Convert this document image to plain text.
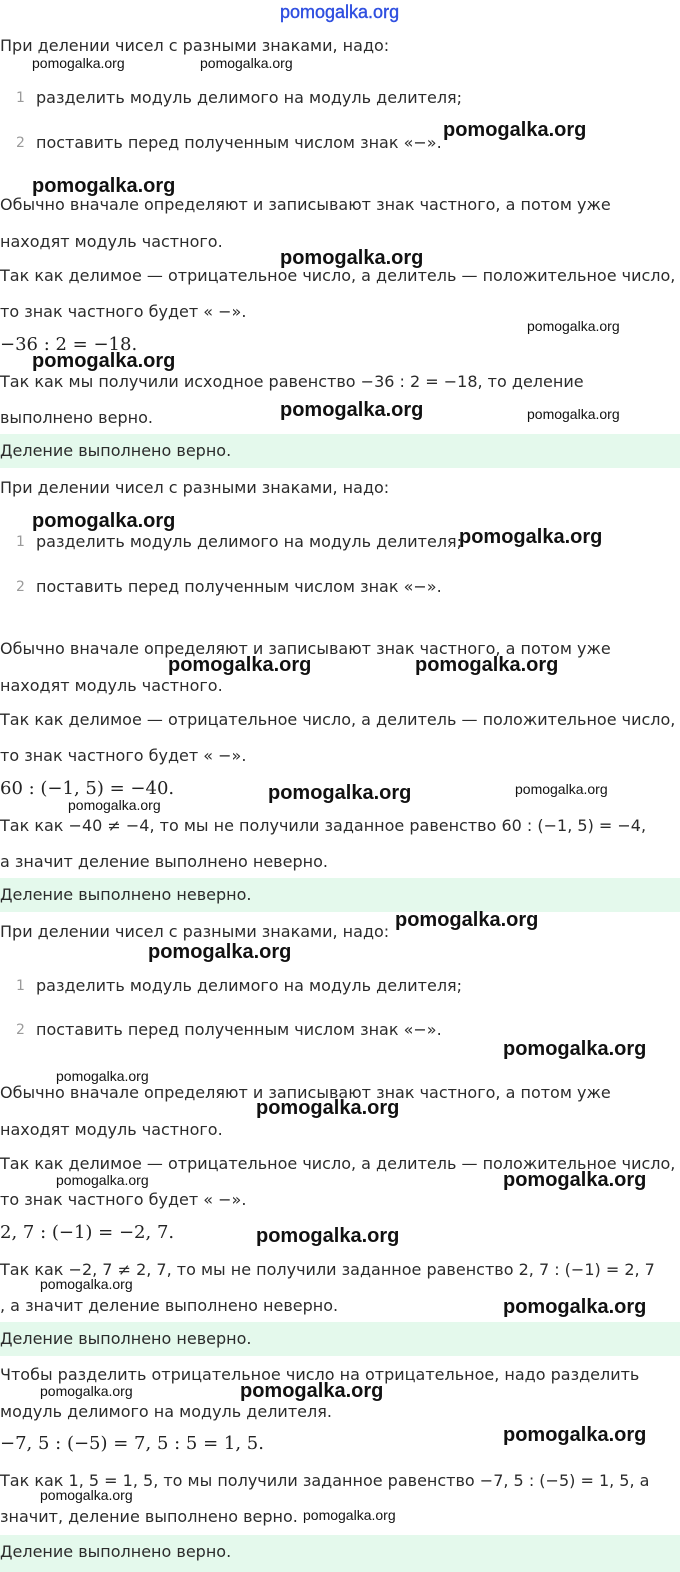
pomogalka.org
При делении чисел с разными знаками, надо:
1 разделить модуль делимого на модуль делителя;
2 поставить перед полученным числом знак «−».
Обычно вначале определяют и записывают знак частного, а потом уже
находят модуль частного.
Так как делимое — отрицательное число, а делитель — положительное число,
то знак частного будет « −».
−36 : 2 = −18.
Так как мы получили исходное равенство −36 : 2 = −18, то деление
выполнено верно.
Деление выполнено верно.
При делении чисел с разными знаками, надо:
1 разделить модуль делимого на модуль делителя;
2 поставить перед полученным числом знак «−».
Обычно вначале определяют и записывают знак частного, а потом уже
находят модуль частного.
Так как делимое — отрицательное число, а делитель — положительное число,
то знак частного будет « −».
60 : (−1, 5) = −40.
Так как −40 ≠ −4, то мы не получили заданное равенство 60 : (−1, 5) = −4,
а значит деление выполнено неверно.
Деление выполнено неверно.
При делении чисел с разными знаками, надо:
1 разделить модуль делимого на модуль делителя;
2 поставить перед полученным числом знак «−».
Обычно вначале определяют и записывают знак частного, а потом уже
находят модуль частного.
Так как делимое — отрицательное число, а делитель — положительное число,
то знак частного будет « −».
2, 7 : (−1) = −2, 7.
Так как −2, 7 ≠ 2, 7, то мы не получили заданное равенство 2, 7 : (−1) = 2, 7
, а значит деление выполнено неверно.
Деление выполнено неверно.
Чтобы разделить отрицательное число на отрицательное, надо разделить
модуль делимого на модуль делителя.
−7, 5 : (−5) = 7, 5 : 5 = 1, 5.
Так как 1, 5 = 1, 5, то мы получили заданное равенство −7, 5 : (−5) = 1, 5, а
значит, деление выполнено верно.
Деление выполнено верно.
pomogalka.org	pomogalka.org
pomogalka.org
pomogalka.org
pomogalka.org
pomogalka.org
pomogalka.org
pomogalka.org	pomogalka.org
pomogalka.org
pomogalka.org
pomogalka.org	pomogalka.org
pomogalka.org	pomogalka.org
pomogalka.org
pomogalka.org
pomogalka.org
pomogalka.org
pomogalka.org
pomogalka.org
pomogalka.org	pomogalka.org
pomogalka.org
pomogalka.org
pomogalka.org
pomogalka.org	pomogalka.org
pomogalka.org
pomogalka.org
pomogalka.org
